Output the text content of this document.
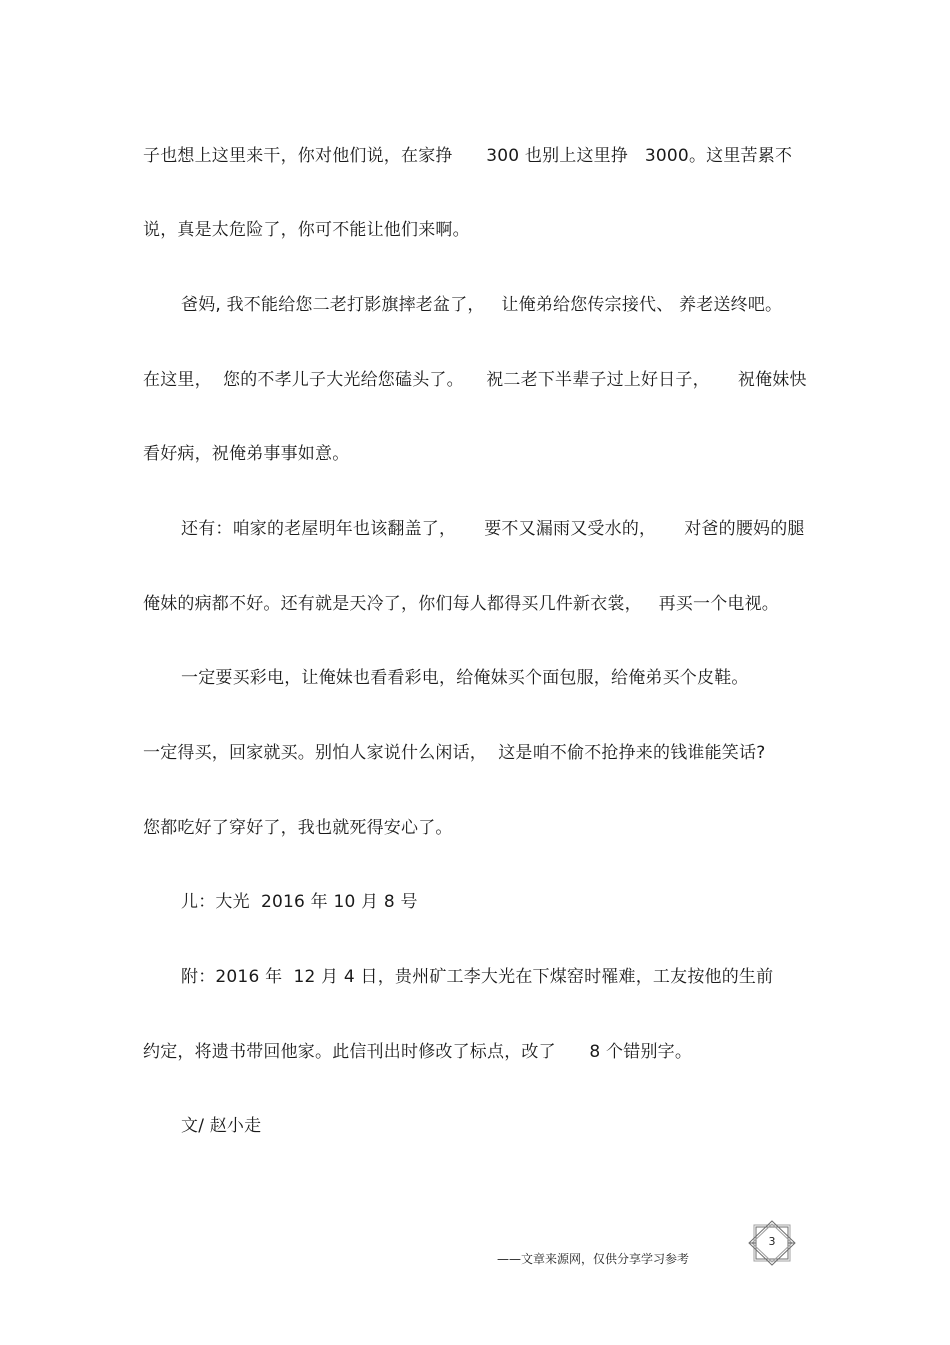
子也想上这里来干，你对他们说，在家挣      300 也别上这里挣   3000。这里苦累不
说，真是太危险了，你可不能让他们来啊。
爸妈, 我不能给您二老打影旗摔老盆了，   让俺弟给您传宗接代、 养老送终吧。
在这里，  您的不孝儿子大光给您磕头了。    祝二老下半辈子过上好日子，     祝俺妹快
看好病，祝俺弟事事如意。
还有：咱家的老屋明年也该翻盖了，     要不又漏雨又受水的，     对爸的腰妈的腿
俺妹的病都不好。还有就是天冷了，你们每人都得买几件新衣裳，   再买一个电视。
一定要买彩电，让俺妹也看看彩电，给俺妹买个面包服，给俺弟买个皮鞋。
一定得买，回家就买。别怕人家说什么闲话，  这是咱不偷不抢挣来的钱谁能笑话?
您都吃好了穿好了，我也就死得安心了。
儿：大光  2016 年 10 月 8 号
附：2016 年  12 月 4 日，贵州矿工李大光在下煤窑时罹难，工友按他的生前
约定，将遗书带回他家。此信刊出时修改了标点，改了      8 个错别字。
文/ 赵小走
——文章来源网，仅供分享学习参考
3
